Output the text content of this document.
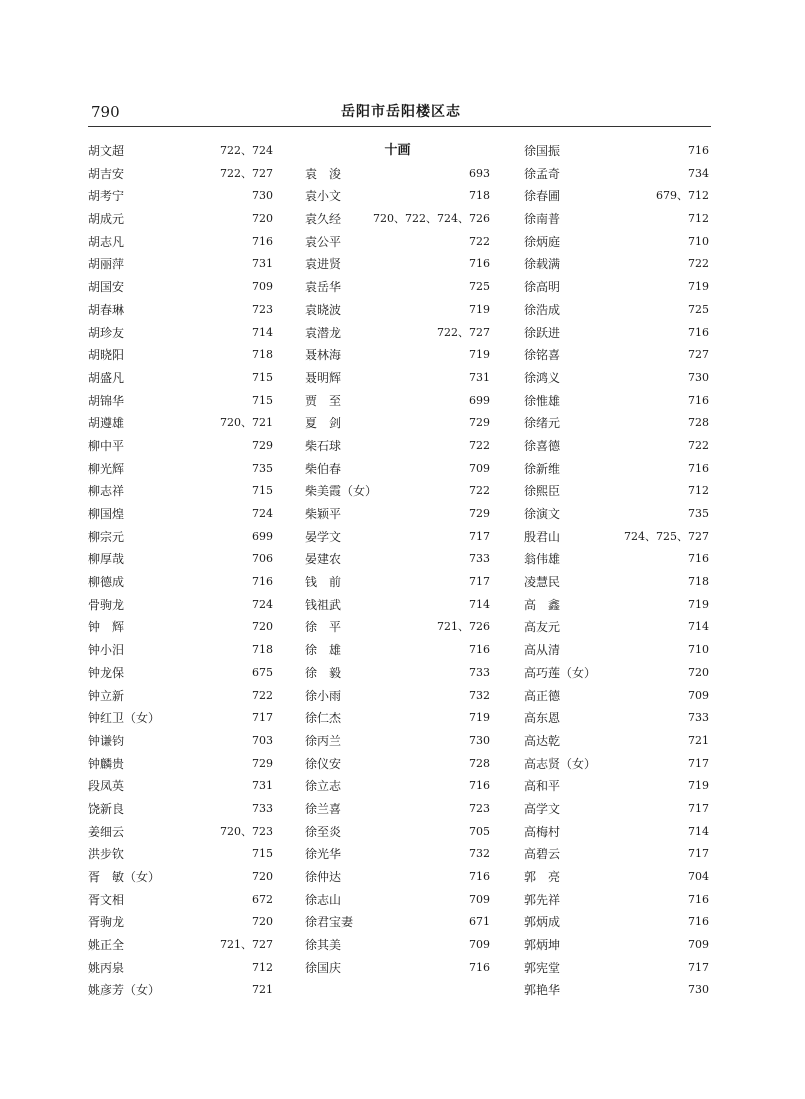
790	岳阳市岳阳楼区志
胡文超	722、724
胡吉安	722、727
胡考宁	730
胡成元	720
胡志凡	716
胡丽萍	731
胡国安	709
胡春琳	723
胡珍友	714
胡晓阳	718
胡盛凡	715
胡锦华	715
胡遵雄	720、721
柳中平	729
柳光辉	735
柳志祥	715
柳国煌	724
柳宗元	699
柳厚哉	706
柳德成	716
骨驹龙	724
钟　辉	720
钟小汨	718
钟龙保	675
钟立新	722
钟红卫（女）	717
钟谦钧	703
钟麟贵	729
段凤英	731
饶新良	733
姜细云	720、723
洪步钦	715
胥　敏（女）	720
胥文相	672
胥驹龙	720
姚正全	721、727
姚丙泉	712
姚彦芳（女）	721
十画
袁　浚	693
袁小文	718
袁久经	720、722、724、726
袁公平	722
袁进贤	716
袁岳华	725
袁晓波	719
袁潜龙	722、727
聂林海	719
聂明辉	731
贾　至	699
夏　剑	729
柴石球	722
柴伯春	709
柴美霞（女）	722
柴颖平	729
晏学文	717
晏建农	733
钱　前	717
钱祖武	714
徐　平	721、726
徐　雄	716
徐　毅	733
徐小雨	732
徐仁杰	719
徐丙兰	730
徐仪安	728
徐立志	716
徐兰喜	723
徐至炎	705
徐光华	732
徐仲达	716
徐志山	709
徐君宝妻	671
徐其美	709
徐国庆	716
徐国振	716
徐孟奇	734
徐春圃	679、712
徐南普	712
徐炳庭	710
徐载满	722
徐高明	719
徐浩成	725
徐跃进	716
徐铭喜	727
徐鸿义	730
徐惟雄	716
徐绪元	728
徐喜德	722
徐新维	716
徐熙臣	712
徐演文	735
殷君山	724、725、727
翁伟雄	716
凌慧民	718
高　鑫	719
高友元	714
高从清	710
高巧莲（女）	720
高正德	709
高东恩	733
高达乾	721
高志贤（女）	717
高和平	719
高学文	717
高梅村	714
高碧云	717
郭　亮	704
郭先祥	716
郭炳成	716
郭炳坤	709
郭宪堂	717
郭艳华	730
